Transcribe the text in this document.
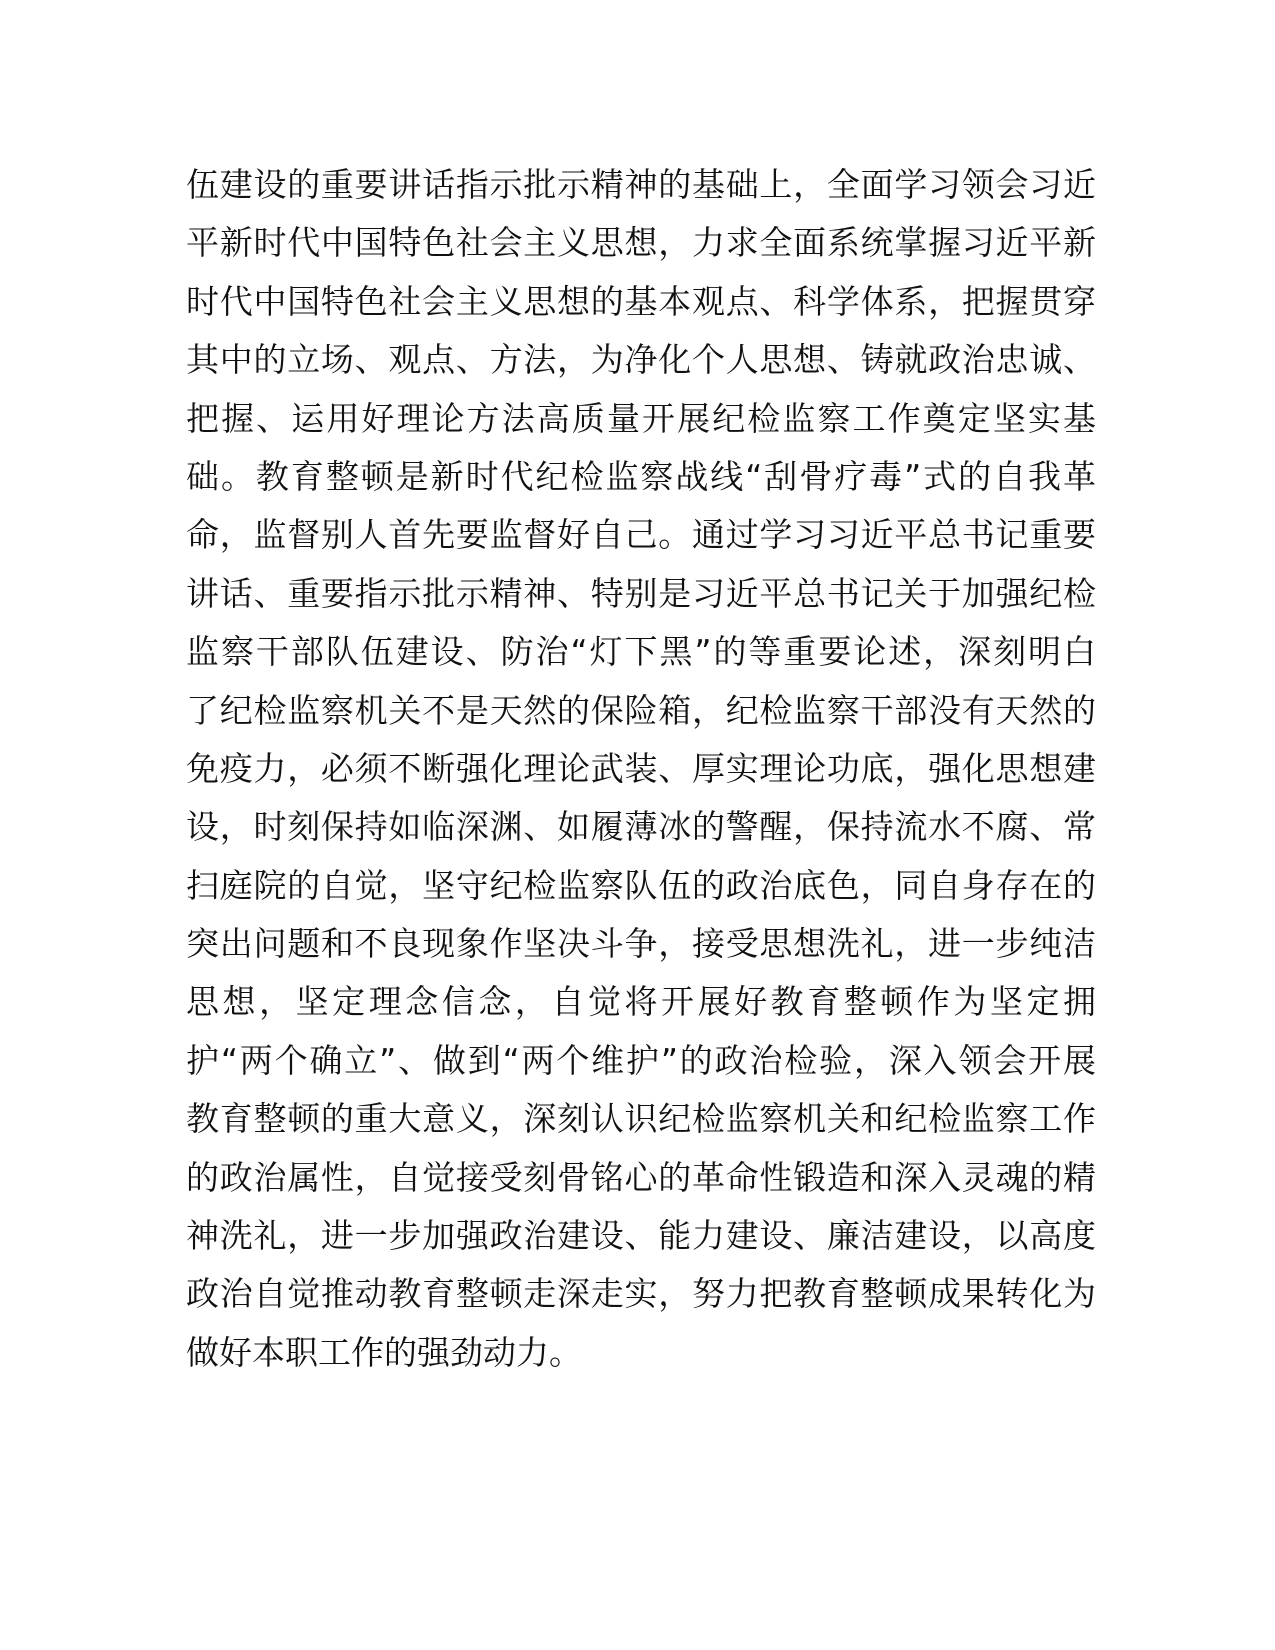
伍建设的重要讲话指示批示精神的基础上，全面学习领会习近
平新时代中国特色社会主义思想，力求全面系统掌握习近平新
时代中国特色社会主义思想的基本观点、科学体系，把握贯穿
其中的立场、观点、方法，为净化个人思想、铸就政治忠诚、
把握、运用好理论方法高质量开展纪检监察工作奠定坚实基
础。教育整顿是新时代纪检监察战线“刮骨疗毒”式的自我革
命，监督别人首先要监督好自己。通过学习习近平总书记重要
讲话、重要指示批示精神、特别是习近平总书记关于加强纪检
监察干部队伍建设、防治“灯下黑”的等重要论述，深刻明白
了纪检监察机关不是天然的保险箱，纪检监察干部没有天然的
免疫力，必须不断强化理论武装、厚实理论功底，强化思想建
设，时刻保持如临深渊、如履薄冰的警醒，保持流水不腐、常
扫庭院的自觉，坚守纪检监察队伍的政治底色，同自身存在的
突出问题和不良现象作坚决斗争，接受思想洗礼，进一步纯洁
思想，坚定理念信念，自觉将开展好教育整顿作为坚定拥
护“两个确立”、做到“两个维护”的政治检验，深入领会开展
教育整顿的重大意义，深刻认识纪检监察机关和纪检监察工作
的政治属性，自觉接受刻骨铭心的革命性锻造和深入灵魂的精
神洗礼，进一步加强政治建设、能力建设、廉洁建设，以高度
政治自觉推动教育整顿走深走实，努力把教育整顿成果转化为
做好本职工作的强劲动力。
